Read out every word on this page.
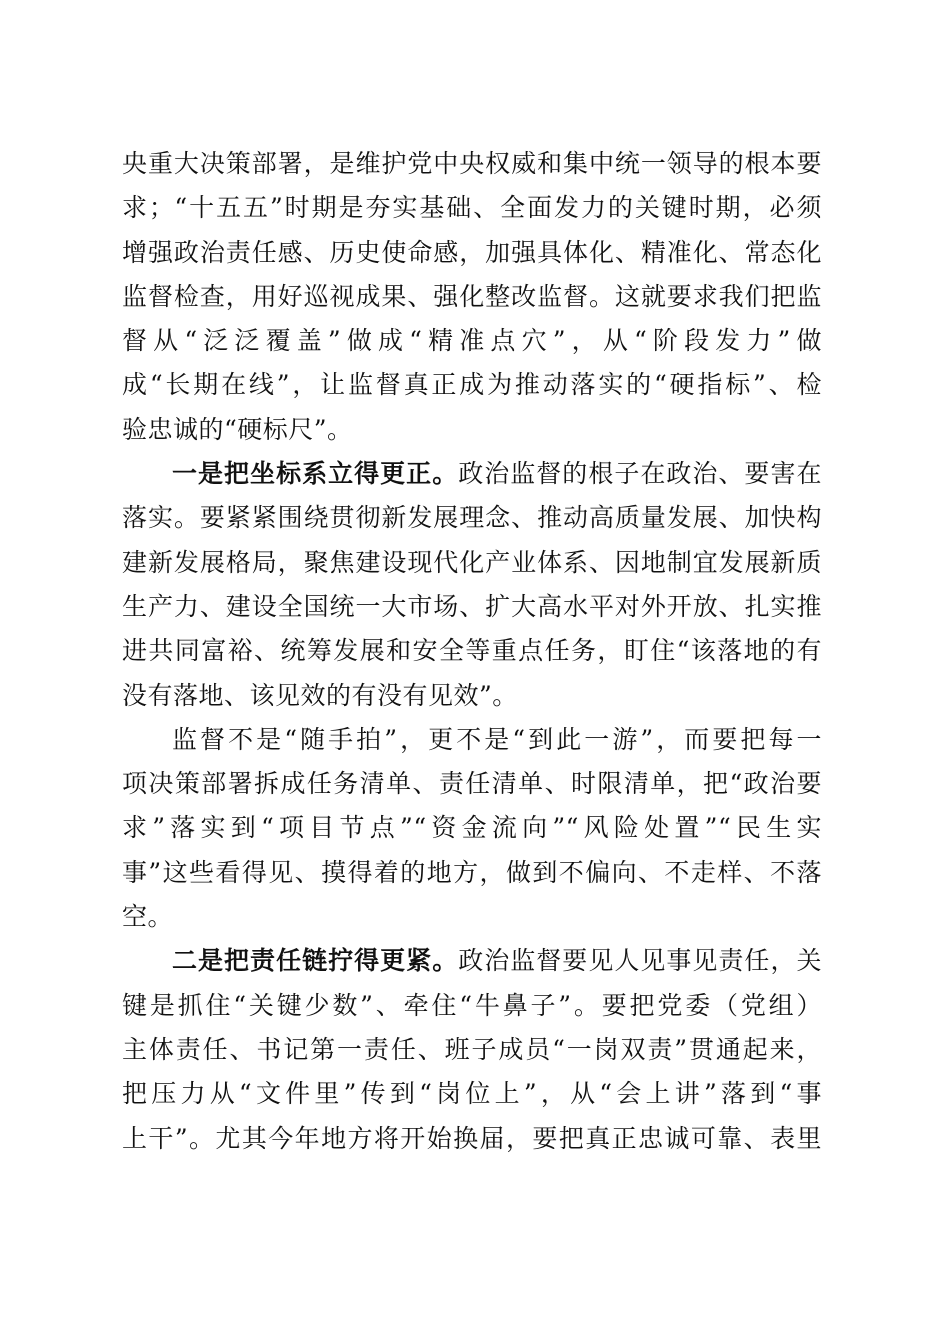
央重大决策部署，是维护党中央权威和集中统一领导的根本要
求；“十五五”时期是夯实基础、全面发力的关键时期，必须
增强政治责任感、历史使命感，加强具体化、精准化、常态化
监督检查，用好巡视成果、强化整改监督。这就要求我们把监
督从“泛泛覆盖”做成“精准点穴”，从“阶段发力”做
成“长期在线”，让监督真正成为推动落实的“硬指标”、检
验忠诚的“硬标尺”。
一是把坐标系立得更正。政治监督的根子在政治、要害在
落实。要紧紧围绕贯彻新发展理念、推动高质量发展、加快构
建新发展格局，聚焦建设现代化产业体系、因地制宜发展新质
生产力、建设全国统一大市场、扩大高水平对外开放、扎实推
进共同富裕、统筹发展和安全等重点任务，盯住“该落地的有
没有落地、该见效的有没有见效”。
监督不是“随手拍”，更不是“到此一游”，而要把每一
项决策部署拆成任务清单、责任清单、时限清单，把“政治要
求”落实到“项目节点”“资金流向”“风险处置”“民生实
事”这些看得见、摸得着的地方，做到不偏向、不走样、不落
空。
二是把责任链拧得更紧。政治监督要见人见事见责任，关
键是抓住“关键少数”、牵住“牛鼻子”。要把党委（党组）
主体责任、书记第一责任、班子成员“一岗双责”贯通起来，
把压力从“文件里”传到“岗位上”，从“会上讲”落到“事
上干”。尤其今年地方将开始换届，要把真正忠诚可靠、表里
